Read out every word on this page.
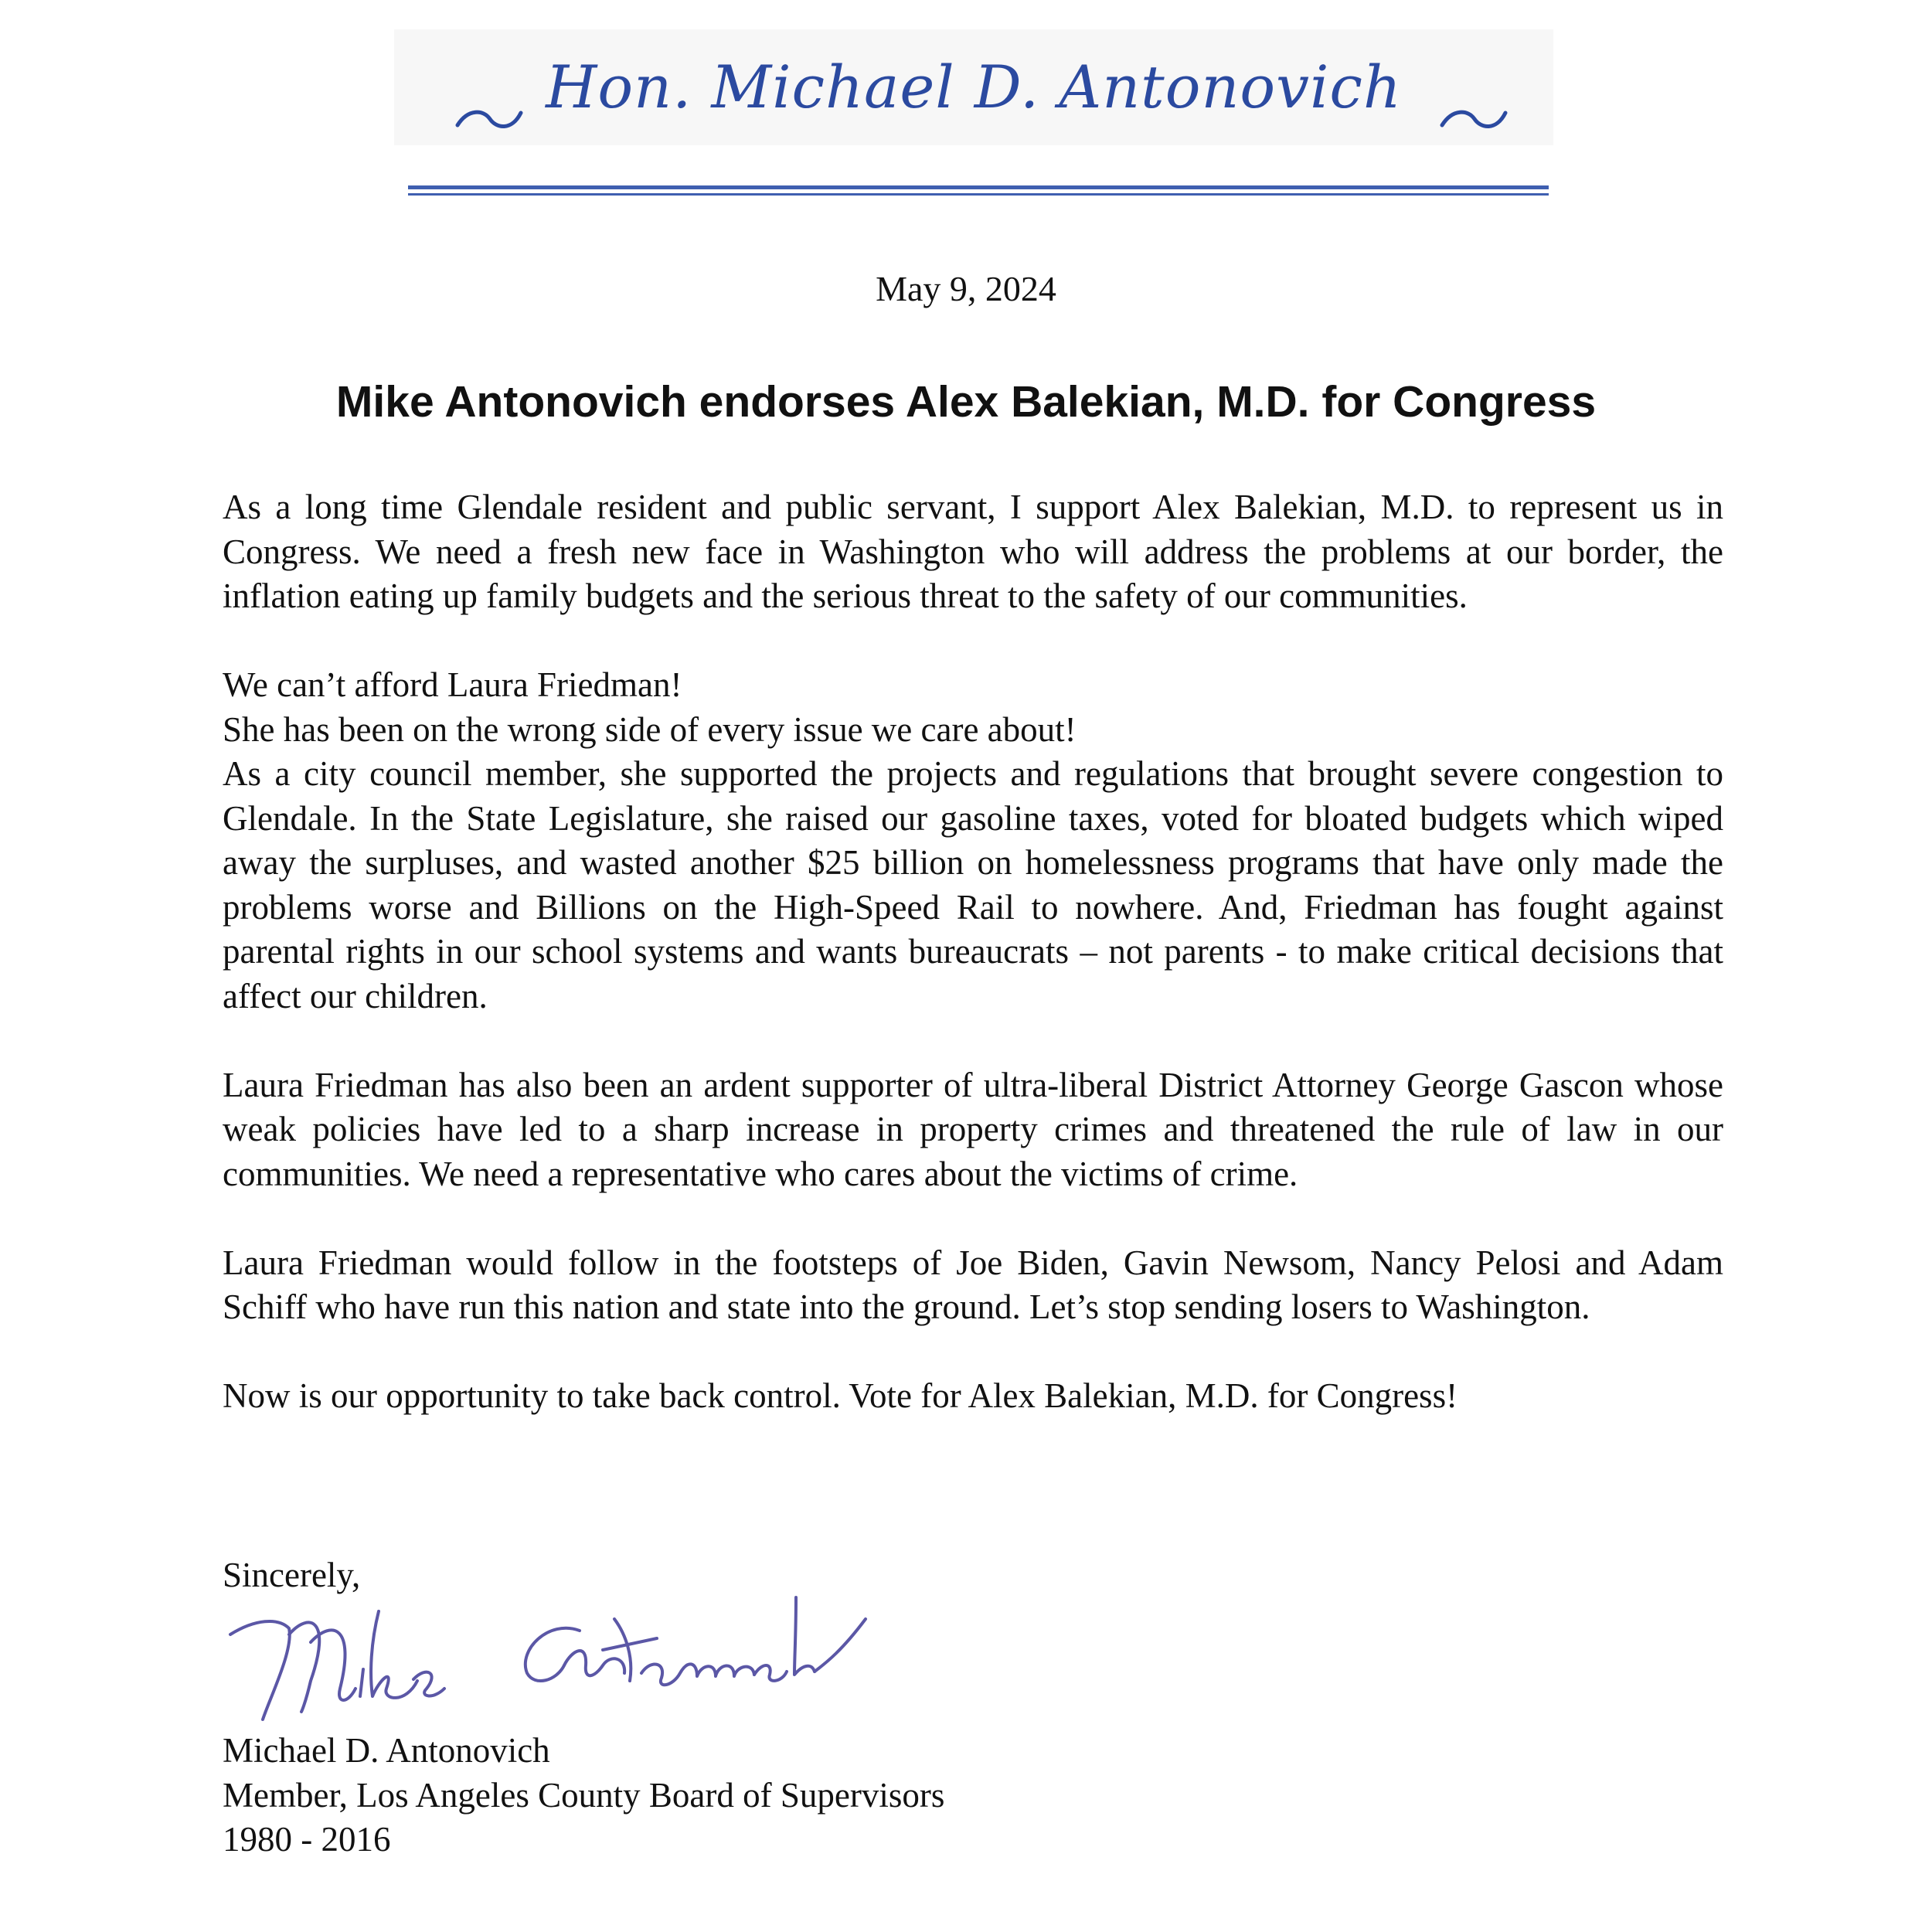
Hon. Michael D. Antonovich
May 9, 2024
Mike Antonovich endorses Alex Balekian, M.D. for Congress

As a long time Glendale resident and public servant, I support Alex Balekian, M.D. to represent us in Congress. We need a fresh new face in Washington who will address the problems at our border, the inflation eating up family budgets and the serious threat to the safety of our communities.

We can’t afford Laura Friedman!
She has been on the wrong side of every issue we care about!
As a city council member, she supported the projects and regulations that brought severe congestion to Glendale. In the State Legislature, she raised our gasoline taxes, voted for bloated budgets which wiped away the surpluses, and wasted another $25 billion on homelessness programs that have only made the problems worse and Billions on the High-Speed Rail to nowhere. And, Friedman has fought against parental rights in our school systems and wants bureaucrats – not parents - to make critical decisions that affect our children.

Laura Friedman has also been an ardent supporter of ultra-liberal District Attorney George Gascon whose weak policies have led to a sharp increase in property crimes and threatened the rule of law in our communities. We need a representative who cares about the victims of crime.

Laura Friedman would follow in the footsteps of Joe Biden, Gavin Newsom, Nancy Pelosi and Adam Schiff who have run this nation and state into the ground. Let’s stop sending losers to Washington.

Now is our opportunity to take back control. Vote for Alex Balekian, M.D. for Congress!

Sincerely,
Michael D. Antonovich
Member, Los Angeles County Board of Supervisors
1980 - 2016
